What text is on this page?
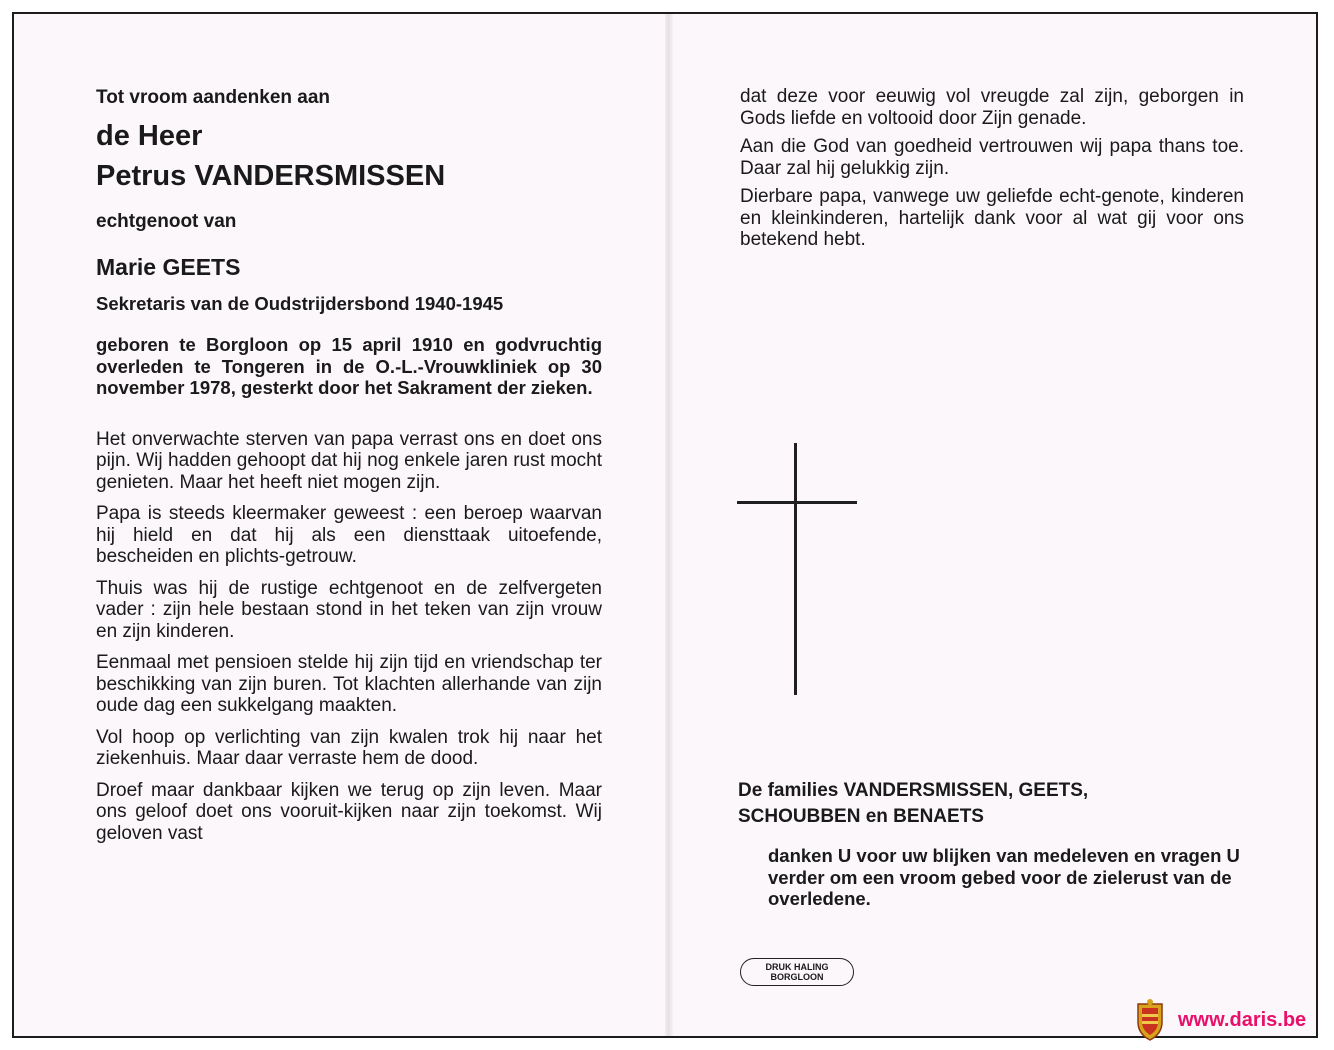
Tot vroom aandenken aan

de Heer

Petrus VANDERSMISSEN

echtgenoot van

Marie GEETS

Sekretaris van de Oudstrijdersbond 1940-1945

geboren te Borgloon op 15 april 1910 en godvruchtig overleden te Tongeren in de O.-L.-Vrouwkliniek op 30 november 1978, gesterkt door het Sakrament der zieken.

Het onverwachte sterven van papa verrast ons en doet ons pijn. Wij hadden gehoopt dat hij nog enkele jaren rust mocht genieten. Maar het heeft niet mogen zijn.

Papa is steeds kleermaker geweest : een beroep waarvan hij hield en dat hij als een diensttaak uitoefende, bescheiden en plichts-getrouw.

Thuis was hij de rustige echtgenoot en de zelfvergeten vader : zijn hele bestaan stond in het teken van zijn vrouw en zijn kinderen.

Eenmaal met pensioen stelde hij zijn tijd en vriendschap ter beschikking van zijn buren. Tot klachten allerhande van zijn oude dag een sukkelgang maakten.

Vol hoop op verlichting van zijn kwalen trok hij naar het ziekenhuis. Maar daar verraste hem de dood.

Droef maar dankbaar kijken we terug op zijn leven. Maar ons geloof doet ons vooruit-kijken naar zijn toekomst. Wij geloven vast

dat deze voor eeuwig vol vreugde zal zijn, geborgen in Gods liefde en voltooid door Zijn genade.

Aan die God van goedheid vertrouwen wij papa thans toe. Daar zal hij gelukkig zijn.

Dierbare papa, vanwege uw geliefde echt-genote, kinderen en kleinkinderen, hartelijk dank voor al wat gij voor ons betekend hebt.

De families VANDERSMISSEN, GEETS,
SCHOUBBEN en BENAETS

danken U voor uw blijken van medeleven en vragen U verder om een vroom gebed voor de zielerust van de overledene.

DRUK HALING
BORGLOON
www.daris.be
